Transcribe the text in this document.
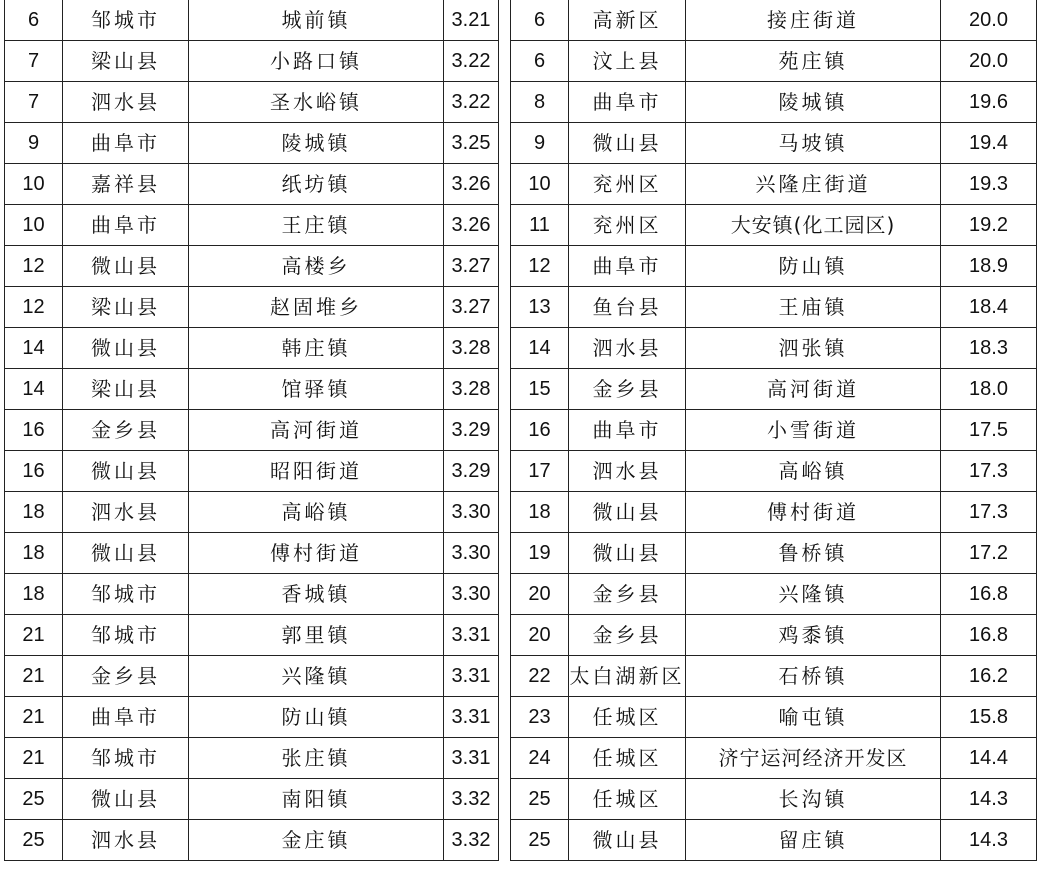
6	邹城市	城前镇	3.21
7	梁山县	小路口镇	3.22
7	泗水县	圣水峪镇	3.22
9	曲阜市	陵城镇	3.25
10	嘉祥县	纸坊镇	3.26
10	曲阜市	王庄镇	3.26
12	微山县	高楼乡	3.27
12	梁山县	赵固堆乡	3.27
14	微山县	韩庄镇	3.28
14	梁山县	馆驿镇	3.28
16	金乡县	高河街道	3.29
16	微山县	昭阳街道	3.29
18	泗水县	高峪镇	3.30
18	微山县	傅村街道	3.30
18	邹城市	香城镇	3.30
21	邹城市	郭里镇	3.31
21	金乡县	兴隆镇	3.31
21	曲阜市	防山镇	3.31
21	邹城市	张庄镇	3.31
25	微山县	南阳镇	3.32
25	泗水县	金庄镇	3.32
6	高新区	接庄街道	20.0
6	汶上县	苑庄镇	20.0
8	曲阜市	陵城镇	19.6
9	微山县	马坡镇	19.4
10	兖州区	兴隆庄街道	19.3
11	兖州区	大安镇(化工园区)	19.2
12	曲阜市	防山镇	18.9
13	鱼台县	王庙镇	18.4
14	泗水县	泗张镇	18.3
15	金乡县	高河街道	18.0
16	曲阜市	小雪街道	17.5
17	泗水县	高峪镇	17.3
18	微山县	傅村街道	17.3
19	微山县	鲁桥镇	17.2
20	金乡县	兴隆镇	16.8
20	金乡县	鸡黍镇	16.8
22	太白湖新区	石桥镇	16.2
23	任城区	喻屯镇	15.8
24	任城区	济宁运河经济开发区	14.4
25	任城区	长沟镇	14.3
25	微山县	留庄镇	14.3
